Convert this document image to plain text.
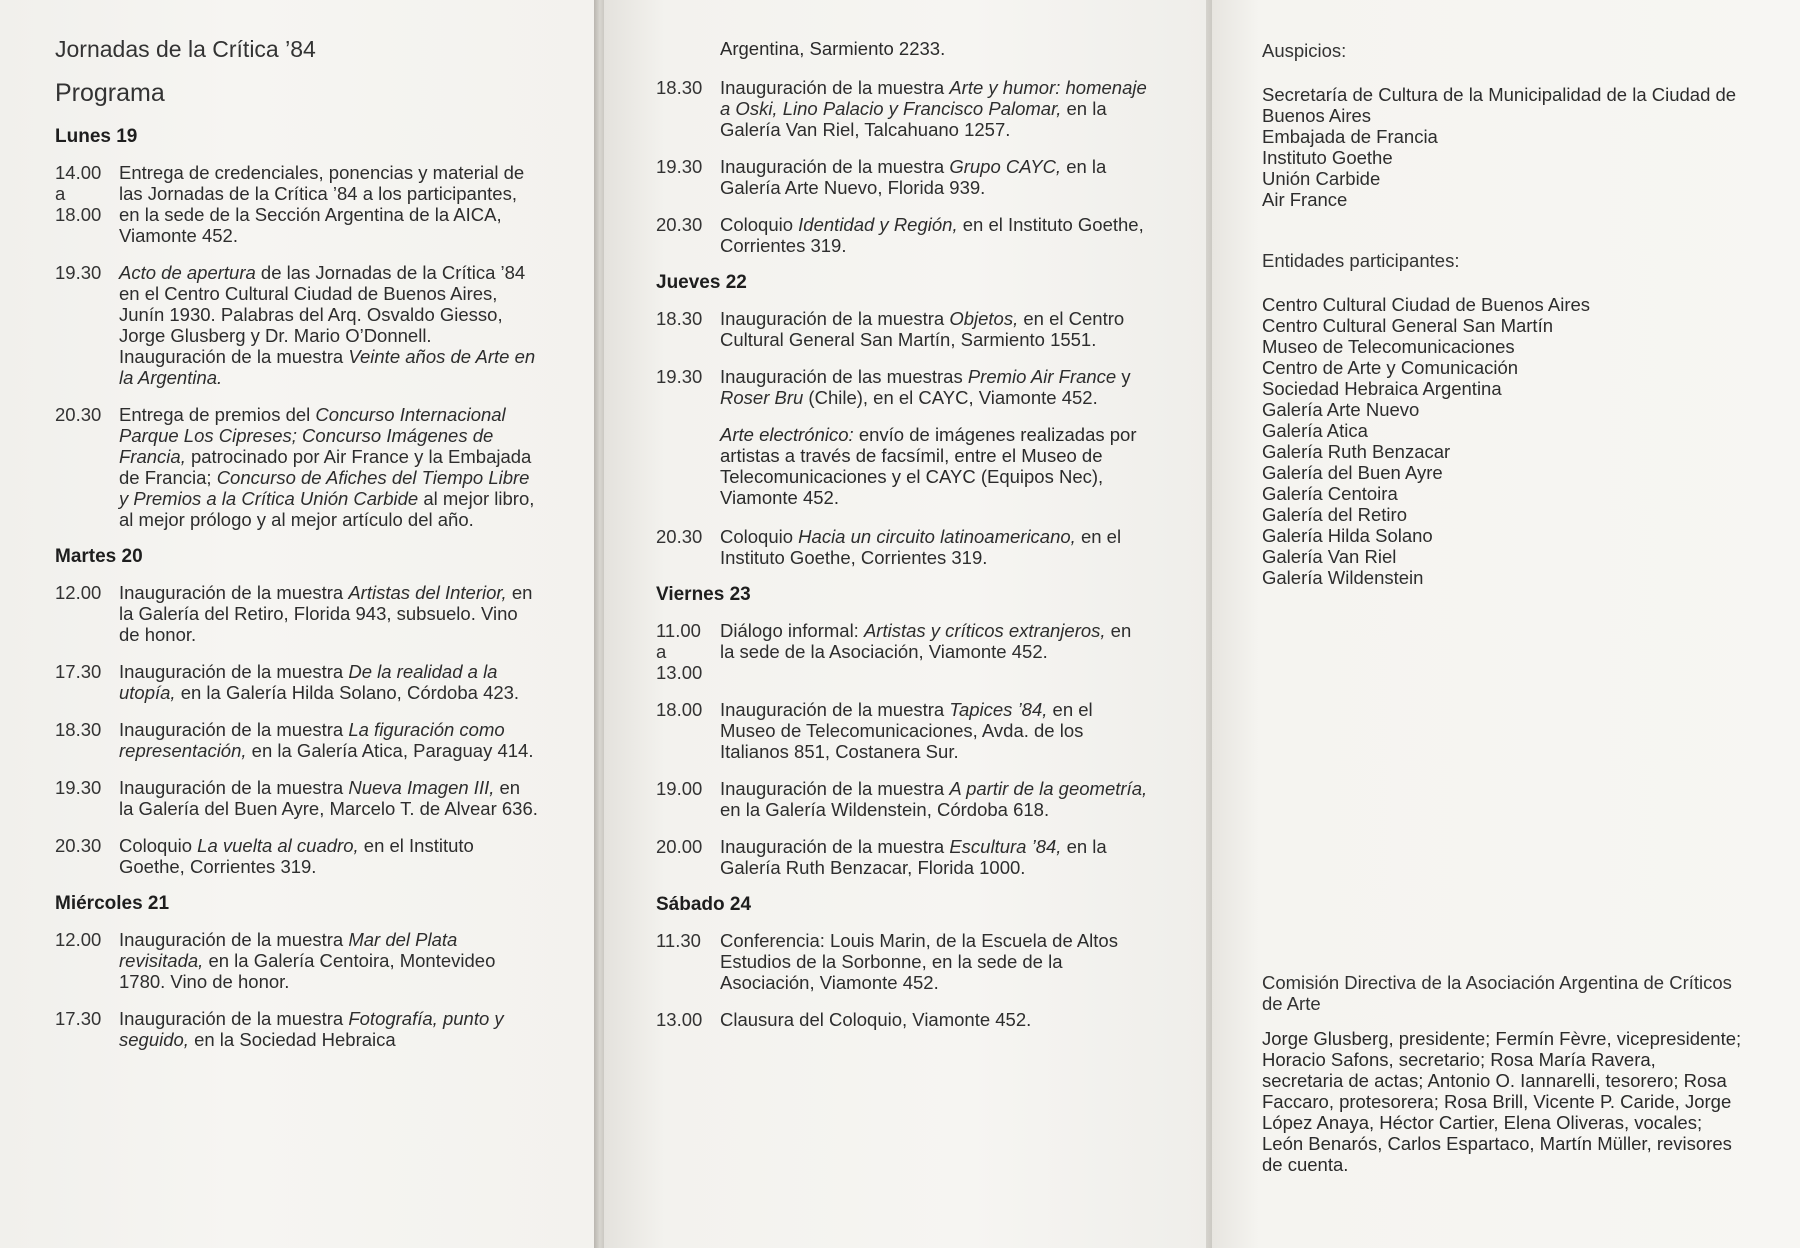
Jornadas de la Crítica ’84
Programa
Lunes 19
14.00
a
18.00
Entrega de credenciales, ponencias y material de las Jornadas de la Crítica ’84 a los participantes, en la sede de la Sección Argentina de la AICA, Viamonte 452.
19.30 Acto de apertura de las Jornadas de la Crítica ’84 en el Centro Cultural Ciudad de Buenos Aires, Junín 1930. Palabras del Arq. Osvaldo Giesso, Jorge Glusberg y Dr. Mario O’Donnell. Inauguración de la muestra Veinte años de Arte en la Argentina.
20.30 Entrega de premios del Concurso Internacional Parque Los Cipreses; Concurso Imágenes de Francia, patrocinado por Air France y la Embajada de Francia; Concurso de Afiches del Tiempo Libre y Premios a la Crítica Unión Carbide al mejor libro, al mejor prólogo y al mejor artículo del año.
Martes 20
12.00 Inauguración de la muestra Artistas del Interior, en la Galería del Retiro, Florida 943, subsuelo. Vino de honor.
17.30 Inauguración de la muestra De la realidad a la utopía, en la Galería Hilda Solano, Córdoba 423.
18.30 Inauguración de la muestra La figuración como representación, en la Galería Atica, Paraguay 414.
19.30 Inauguración de la muestra Nueva Imagen III, en la Galería del Buen Ayre, Marcelo T. de Alvear 636.
20.30 Coloquio La vuelta al cuadro, en el Instituto Goethe, Corrientes 319.
Miércoles 21
12.00 Inauguración de la muestra Mar del Plata revisitada, en la Galería Centoira, Montevideo 1780. Vino de honor.
17.30 Inauguración de la muestra Fotografía, punto y seguido, en la Sociedad Hebraica
Argentina, Sarmiento 2233.
18.30 Inauguración de la muestra Arte y humor: homenaje a Oski, Lino Palacio y Francisco Palomar, en la Galería Van Riel, Talcahuano 1257.
19.30 Inauguración de la muestra Grupo CAYC, en la Galería Arte Nuevo, Florida 939.
20.30 Coloquio Identidad y Región, en el Instituto Goethe, Corrientes 319.
Jueves 22
18.30 Inauguración de la muestra Objetos, en el Centro Cultural General San Martín, Sarmiento 1551.
19.30 Inauguración de las muestras Premio Air France y Roser Bru (Chile), en el CAYC, Viamonte 452.
Arte electrónico: envío de imágenes realizadas por artistas a través de facsímil, entre el Museo de Telecomunicaciones y el CAYC (Equipos Nec), Viamonte 452.
20.30 Coloquio Hacia un circuito latinoamericano, en el Instituto Goethe, Corrientes 319.
Viernes 23
11.00
a
13.00
Diálogo informal: Artistas y críticos extranjeros, en la sede de la Asociación, Viamonte 452.
18.00 Inauguración de la muestra Tapices ’84, en el Museo de Telecomunicaciones, Avda. de los Italianos 851, Costanera Sur.
19.00 Inauguración de la muestra A partir de la geometría, en la Galería Wildenstein, Córdoba 618.
20.00 Inauguración de la muestra Escultura ’84, en la Galería Ruth Benzacar, Florida 1000.
Sábado 24
11.30	Conferencia: Louis Marin, de la Escuela de Altos Estudios de la Sorbonne, en la sede de la Asociación, Viamonte 452.
13.00 Clausura del Coloquio, Viamonte 452.
Auspicios:
Secretaría de Cultura de la Municipalidad de la Ciudad de Buenos Aires
Embajada de Francia
Instituto Goethe
Unión Carbide
Air France
Entidades participantes:
Centro Cultural Ciudad de Buenos Aires
Centro Cultural General San Martín
Museo de Telecomunicaciones
Centro de Arte y Comunicación
Sociedad Hebraica Argentina
Galería Arte Nuevo
Galería Atica
Galería Ruth Benzacar
Galería del Buen Ayre
Galería Centoira
Galería del Retiro
Galería Hilda Solano
Galería Van Riel
Galería Wildenstein
Comisión Directiva de la Asociación Argentina de Críticos de Arte
Jorge Glusberg, presidente; Fermín Fèvre, vicepresidente; Horacio Safons, secretario; Rosa María Ravera, secretaria de actas; Antonio O. Iannarelli, tesorero; Rosa Faccaro, protesorera; Rosa Brill, Vicente P. Caride, Jorge López Anaya, Héctor Cartier, Elena Oliveras, vocales; León Benarós, Carlos Espartaco, Martín Müller, revisores de cuenta.
